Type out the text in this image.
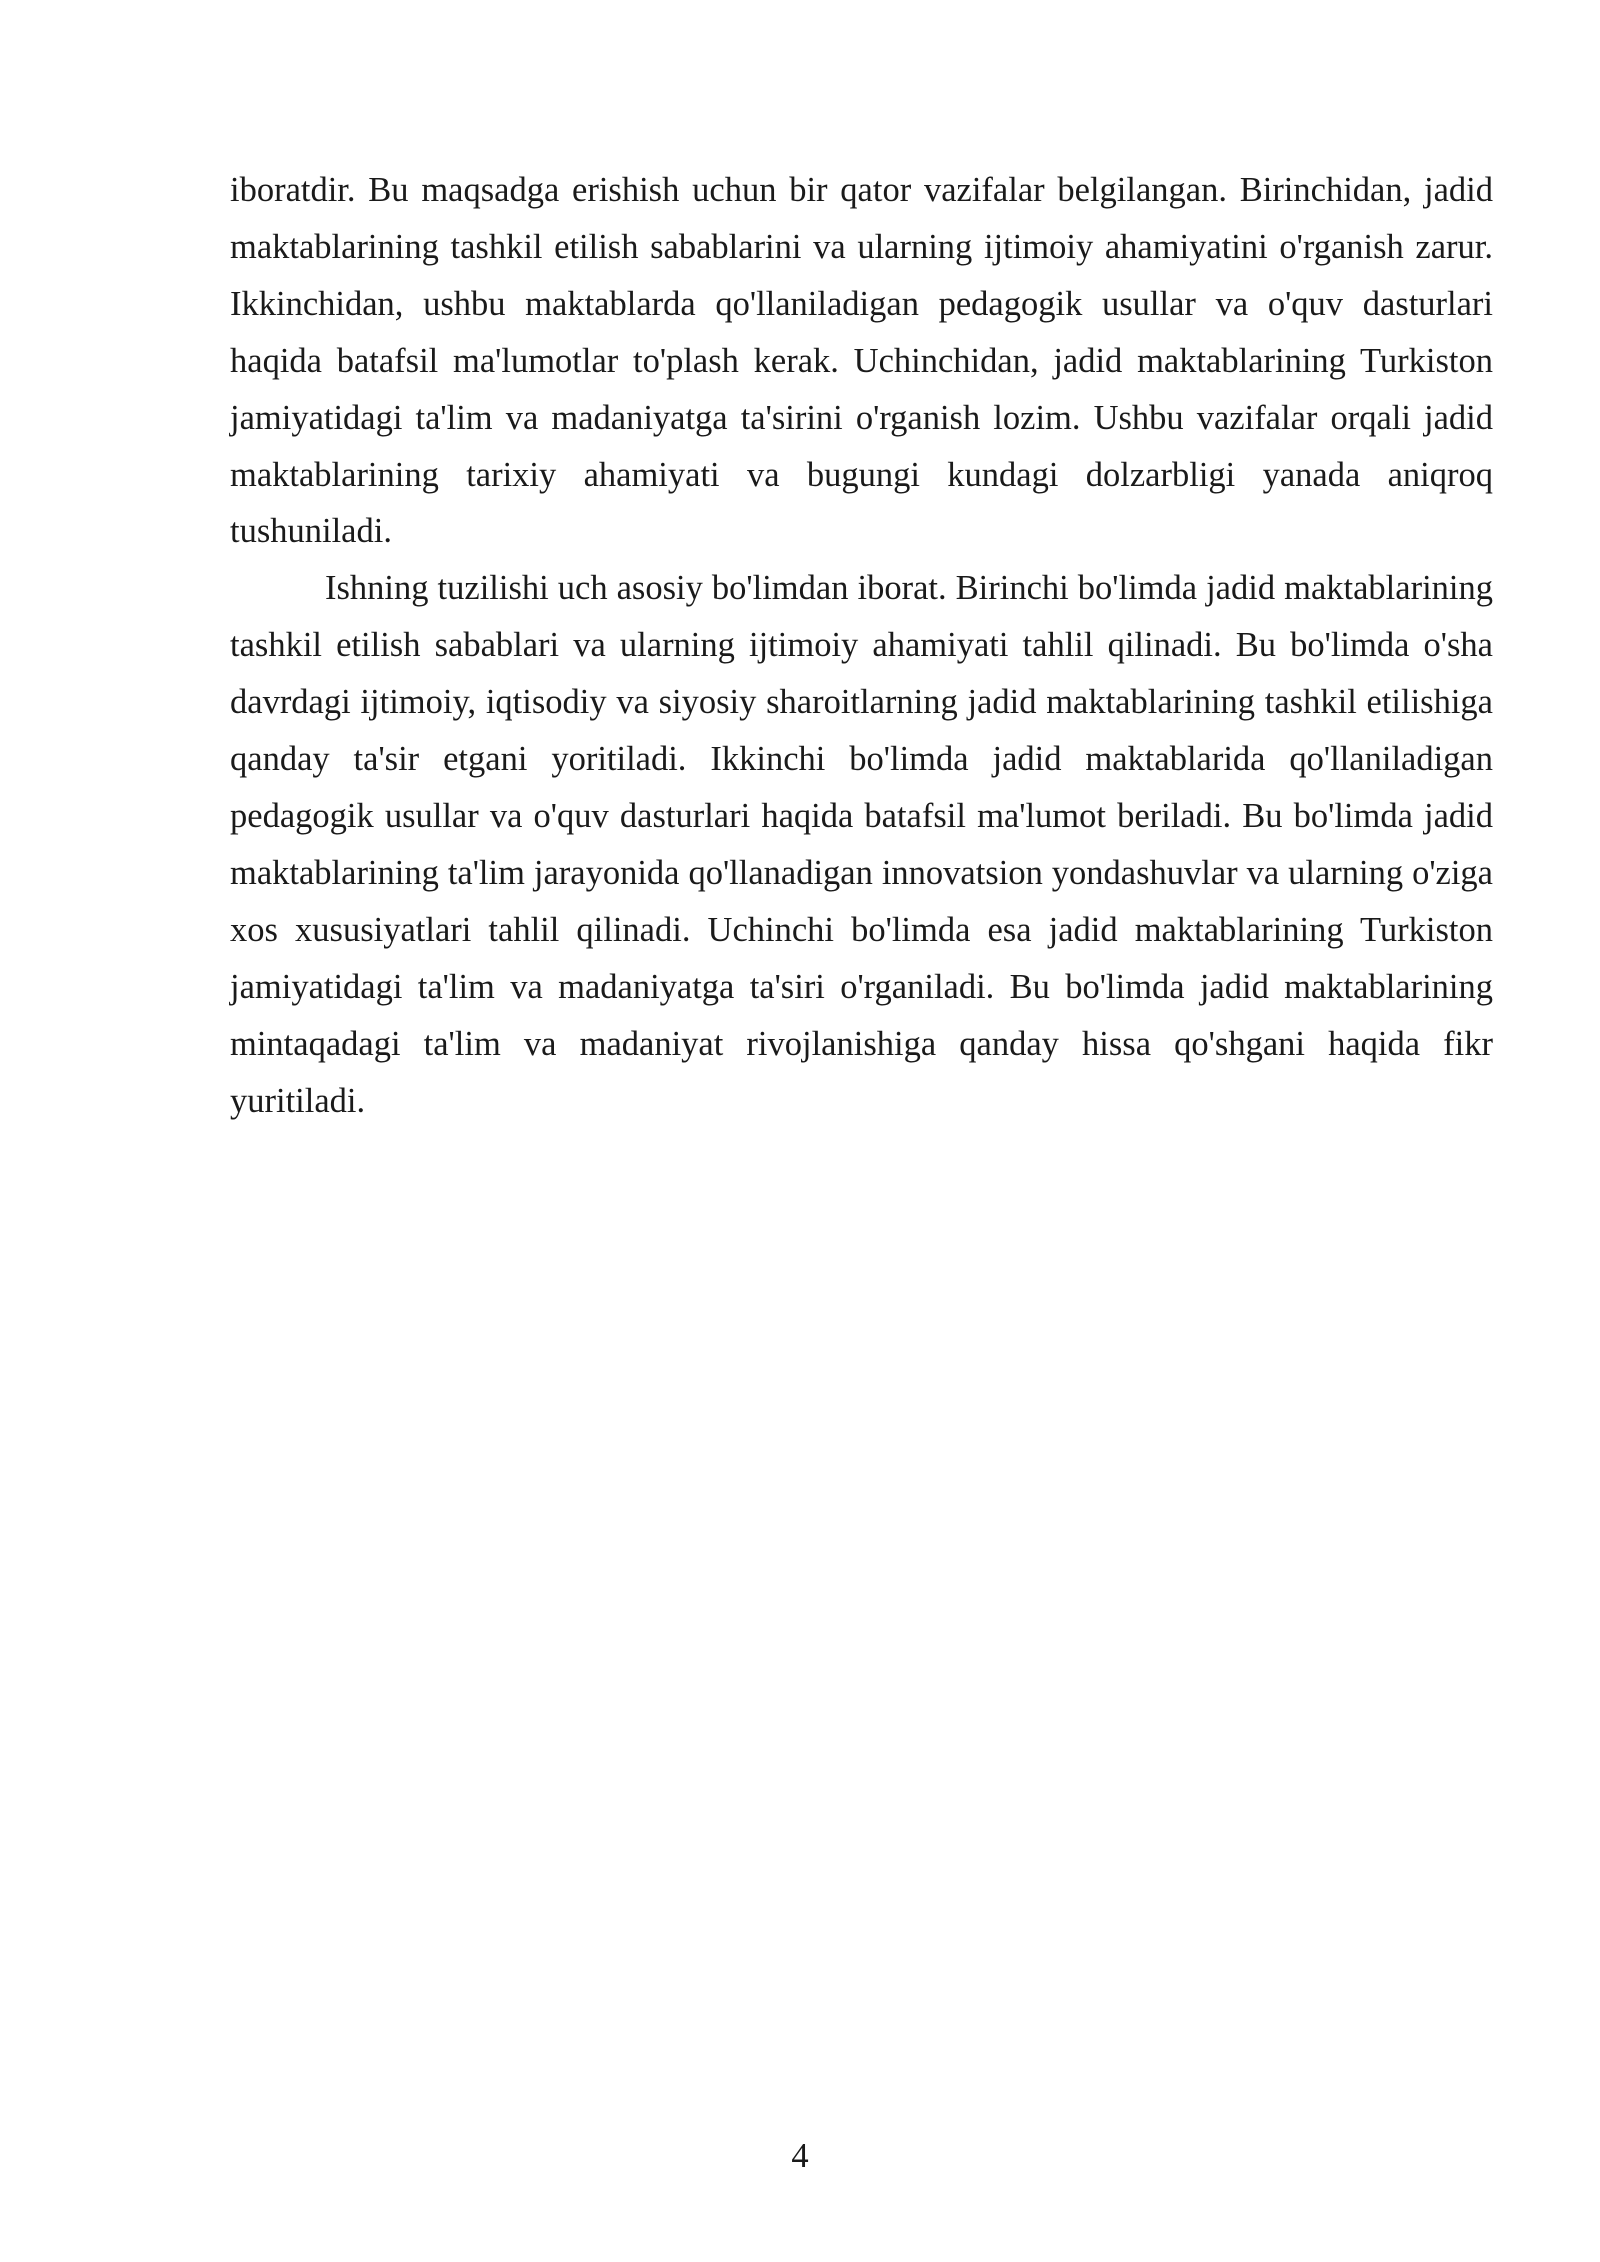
iboratdir. Bu maqsadga erishish uchun bir qator vazifalar belgilangan. Birinchidan, jadid maktablarining tashkil etilish sabablarini va ularning ijtimoiy ahamiyatini o'rganish zarur. Ikkinchidan, ushbu maktablarda qo'llaniladigan pedagogik usullar va o'quv dasturlari haqida batafsil ma'lumotlar to'plash kerak. Uchinchidan, jadid maktablarining Turkiston jamiyatidagi ta'lim va madaniyatga ta'sirini o'rganish lozim. Ushbu vazifalar orqali jadid maktablarining tarixiy ahamiyati va bugungi kundagi dolzarbligi yanada aniqroq tushuniladi.

Ishning tuzilishi uch asosiy bo'limdan iborat. Birinchi bo'limda jadid maktablarining tashkil etilish sabablari va ularning ijtimoiy ahamiyati tahlil qilinadi. Bu bo'limda o'sha davrdagi ijtimoiy, iqtisodiy va siyosiy sharoitlarning jadid maktablarining tashkil etilishiga qanday ta'sir etgani yoritiladi. Ikkinchi bo'limda jadid maktablarida qo'llaniladigan pedagogik usullar va o'quv dasturlari haqida batafsil ma'lumot beriladi. Bu bo'limda jadid maktablarining ta'lim jarayonida qo'llanadigan innovatsion yondashuvlar va ularning o'ziga xos xususiyatlari tahlil qilinadi. Uchinchi bo'limda esa jadid maktablarining Turkiston jamiyatidagi ta'lim va madaniyatga ta'siri o'rganiladi. Bu bo'limda jadid maktablarining mintaqadagi ta'lim va madaniyat rivojlanishiga qanday hissa qo'shgani haqida fikr yuritiladi.

4
